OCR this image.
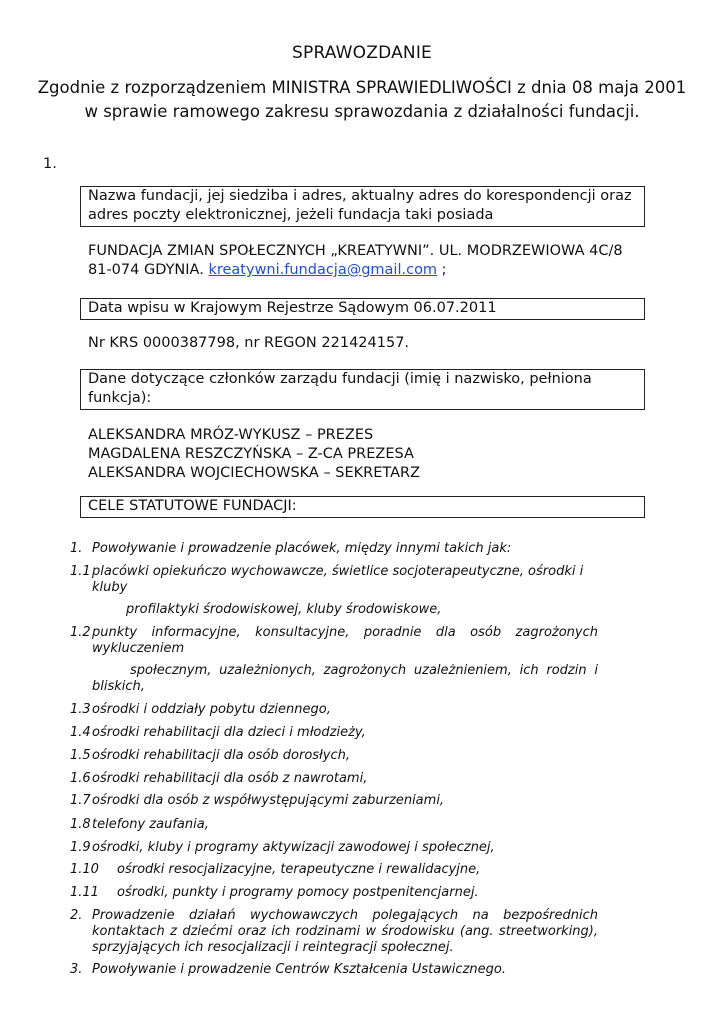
SPRAWOZDANIE
Zgodnie z rozporządzeniem MINISTRA SPRAWIEDLIWOŚCI z dnia 08 maja 2001 w sprawie ramowego zakresu sprawozdania z działalności fundacji.
1.
Nazwa fundacji, jej siedziba i adres, aktualny adres do korespondencji oraz adres poczty elektronicznej, jeżeli fundacja taki posiada
FUNDACJA ZMIAN SPOŁECZNYCH „KREATYWNI”. UL. MODRZEWIOWA 4C/8
81-074 GDYNIA. kreatywni.fundacja@gmail.com ;
Data wpisu w Krajowym Rejestrze Sądowym 06.07.2011
Nr KRS 0000387798, nr REGON 221424157.
Dane dotyczące członków zarządu fundacji (imię i nazwisko, pełniona funkcja):
ALEKSANDRA MRÓZ-WYKUSZ – PREZES
MAGDALENA RESZCZYŃSKA – Z-CA PREZESA
ALEKSANDRA WOJCIECHOWSKA – SEKRETARZ
CELE STATUTOWE FUNDACJI:
1. Powoływanie i prowadzenie placówek, między innymi takich jak:
1.1 placówki opiekuńczo wychowawcze, świetlice socjoterapeutyczne, ośrodki i kluby
profilaktyki środowiskowej, kluby środowiskowe,
1.2 punkty informacyjne, konsultacyjne, poradnie dla osób zagrożonych wykluczeniem
społecznym, uzależnionych, zagrożonych uzależnieniem, ich rodzin i bliskich,
1.3 ośrodki i oddziały pobytu dziennego,
1.4 ośrodki rehabilitacji dla dzieci i młodzieży,
1.5 ośrodki rehabilitacji dla osób dorosłych,
1.6 ośrodki rehabilitacji dla osób z nawrotami,
1.7 ośrodki dla osób z współwystępującymi zaburzeniami,
1.8 telefony zaufania,
1.9 ośrodki, kluby i programy aktywizacji zawodowej i społecznej,
1.10 ośrodki resocjalizacyjne, terapeutyczne i rewalidacyjne,
1.11 ośrodki, punkty i programy pomocy postpenitencjarnej.
2. Prowadzenie działań wychowawczych polegających na bezpośrednich kontaktach z dziećmi oraz ich rodzinami w środowisku (ang. streetworking), sprzyjających ich resocjalizacji i reintegracji społecznej.
3. Powoływanie i prowadzenie Centrów Kształcenia Ustawicznego.
